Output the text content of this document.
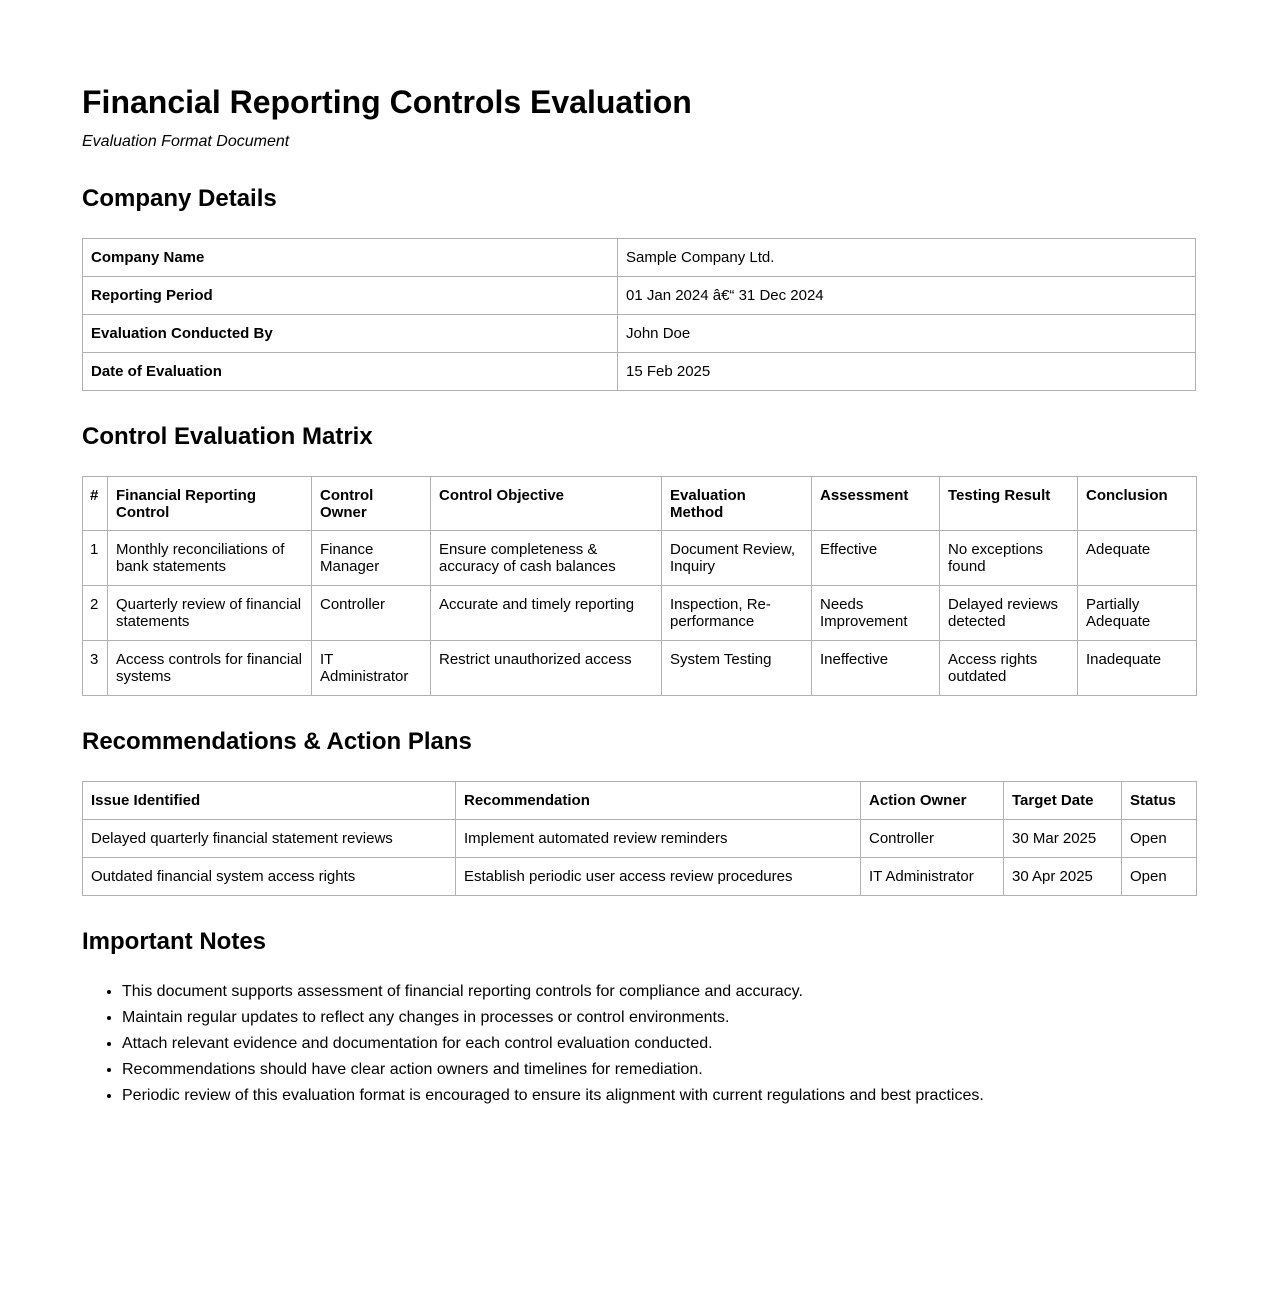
Financial Reporting Controls Evaluation
Evaluation Format Document
Company Details
Company Name	Sample Company Ltd.
Reporting Period	01 Jan 2024 â€“ 31 Dec 2024
Evaluation Conducted By	John Doe
Date of Evaluation	15 Feb 2025
Control Evaluation Matrix
#	Financial Reporting Control	Control Owner	Control Objective	Evaluation Method	Assessment	Testing Result	Conclusion
1	Monthly reconciliations of bank statements	Finance Manager	Ensure completeness & accuracy of cash balances	Document Review, Inquiry	Effective	No exceptions found	Adequate
2	Quarterly review of financial statements	Controller	Accurate and timely reporting	Inspection, Re-performance	Needs Improvement	Delayed reviews detected	Partially Adequate
3	Access controls for financial systems	IT Administrator	Restrict unauthorized access	System Testing	Ineffective	Access rights outdated	Inadequate
Recommendations & Action Plans
Issue Identified	Recommendation	Action Owner	Target Date	Status
Delayed quarterly financial statement reviews	Implement automated review reminders	Controller	30 Mar 2025	Open
Outdated financial system access rights	Establish periodic user access review procedures	IT Administrator	30 Apr 2025	Open
Important Notes
• This document supports assessment of financial reporting controls for compliance and accuracy.
• Maintain regular updates to reflect any changes in processes or control environments.
• Attach relevant evidence and documentation for each control evaluation conducted.
• Recommendations should have clear action owners and timelines for remediation.
• Periodic review of this evaluation format is encouraged to ensure its alignment with current regulations and best practices.
